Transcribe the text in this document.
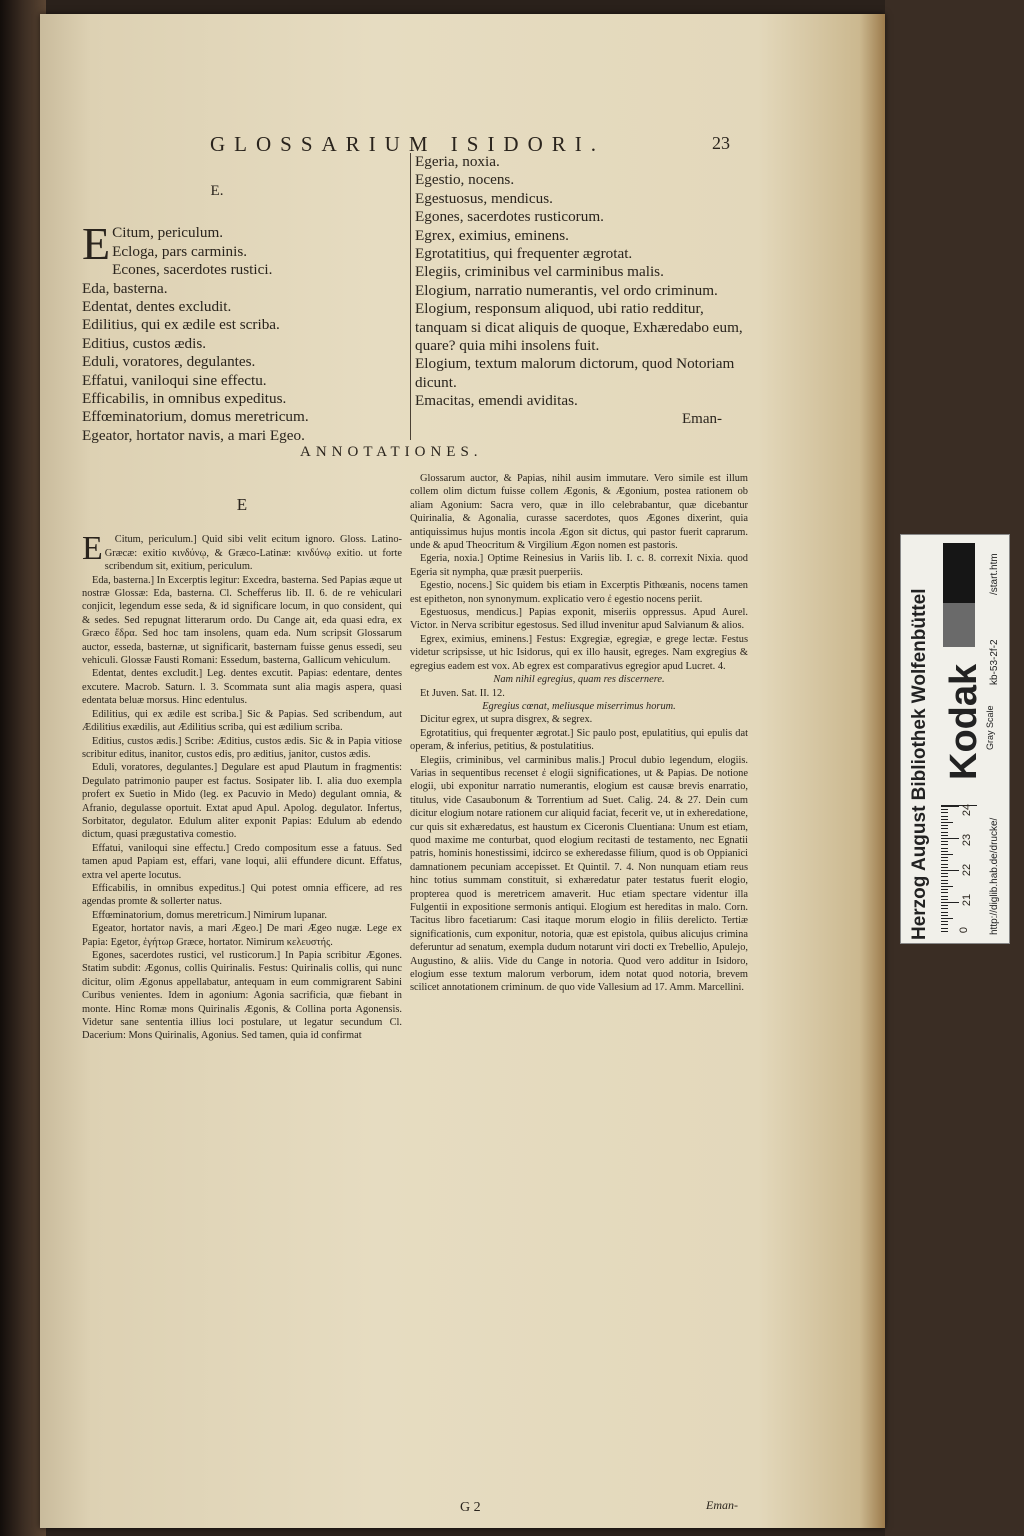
GLOSSARIUM ISIDORI.	23
E.
E Citum, periculum.
Ecloga, pars carminis.
Econes, sacerdotes rustici.
Eda, basterna.
Edentat, dentes excludit.
Edilitius, qui ex ædile est scriba.
Editius, custos ædis.
Eduli, voratores, degulantes.
Effatui, vaniloqui sine effectu.
Efficabilis, in omnibus expeditus.
Effœminatorium, domus meretricum.
Egeator, hortator navis, a mari Egeo.
Egeria, noxia.
Egestio, nocens.
Egestuosus, mendicus.
Egones, sacerdotes rusticorum.
Egrex, eximius, eminens.
Egrotatitius, qui frequenter ægrotat.
Elegiis, criminibus vel carminibus malis.
Elogium, narratio numerantis, vel ordo criminum.
Elogium, responsum aliquod, ubi ratio redditur, tanquam si dicat aliquis de quoque, Exhæredabo eum, quare? quia mihi insolens fuit.
Elogium, textum malorum dictorum, quod Notoriam dicunt.
Emacitas, emendi aviditas.
Eman-
ANNOTATIONES.

E

E	Citum, periculum.] Quid sibi velit ecitum ignoro. Gloss. Latino-Græcæ: exitio κινδύνῳ, & Græco-Latinæ: κινδύνῳ exitio. ut forte scribendum sit, exitium, periculum.

Eda, basterna.] In Excerptis legitur: Excedra, basterna. Sed Papias æque ut nostræ Glossæ: Eda, basterna. Cl. Schefferus lib. II. 6. de re vehiculari conjicit, legendum esse seda, & id significare locum, in quo consident, qui & sedes. Sed repugnat litterarum ordo. Du Cange ait, eda quasi edra, ex Græco ἕδρα. Sed hoc tam insolens, quam eda. Num scripsit Glossarum auctor, esseda, basternæ, ut significarit, basternam fuisse genus essedi, seu vehiculi. Glossæ Fausti Romani: Essedum, basterna, Gallicum vehiculum.

Edentat, dentes excludit.] Leg. dentes excutit. Papias: edentare, dentes excutere. Macrob. Saturn. l. 3. Scommata sunt alia magis aspera, quasi edentata beluæ morsus. Hinc edentulus.

Edilitius, qui ex ædile est scriba.] Sic & Papias. Sed scribendum, aut Ædilitius exædilis, aut Ædilitius scriba, qui est ædilium scriba.

Editius, custos ædis.] Scribe: Æditius, custos ædis. Sic & in Papia vitiose scribitur editus, inanitor, custos edis, pro æditius, janitor, custos ædis.

Eduli, voratores, degulantes.] Degulare est apud Plautum in fragmentis: Degulato patrimonio pauper est factus. Sosipater lib. I. alia duo exempla profert ex Suetio in Mido (leg. ex Pacuvio in Medo) degulant omnia, & Afranio, degulasse oportuit. Extat apud Apul. Apolog. degulator. Infertus, Sorbitator, degulator. Edulum aliter exponit Papias: Edulum ab edendo dictum, quasi prægustativa comestio.

Effatui, vaniloqui sine effectu.] Credo compositum esse a fatuus. Sed tamen apud Papiam est, effari, vane loqui, alii effundere dicunt. Effatus, extra vel aperte locutus.

Efficabilis, in omnibus expeditus.] Qui potest omnia efficere, ad res agendas promte & sollerter natus.

Effœminatorium, domus meretricum.] Nimirum lupanar.

Egeator, hortator navis, a mari Ægeo.] De mari Ægeo nugæ. Lege ex Papia: Egetor, ἐγήτωρ Græce, hortator. Nimirum κελευστής.

Egones, sacerdotes rustici, vel rusticorum.] In Papia scribitur Ægones. Statim subdit: Ægonus, collis Quirinalis. Festus: Quirinalis collis, qui nunc dicitur, olim Ægonus appellabatur, antequam in eum commigrarent Sabini Curibus venientes. Idem in agonium: Agonia sacrificia, quæ fiebant in monte. Hinc Romæ mons Quirinalis Ægonis, & Collina porta Agonensis. Videtur sane sententia illius loci postulare, ut legatur secundum Cl. Dacerium: Mons Quirinalis, Agonius. Sed tamen, quia id confirmat

Glossarum auctor, & Papias, nihil ausim immutare. Vero simile est illum collem olim dictum fuisse collem Ægonis, & Ægonium, postea rationem ob aliam Agonium: Sacra vero, quæ in illo celebrabantur, quæ dicebantur Quirinalia, & Agonalia, curasse sacerdotes, quos Ægones dixerint, quia antiquissimus hujus montis incola Ægon sit dictus, qui pastor fuerit caprarum. unde & apud Theocritum & Virgilium Ægon nomen est pastoris.

Egeria, noxia.] Optime Reinesius in Variis lib. I. c. 8. correxit Nixia. quod Egeria sit nympha, quæ præsit puerperiis.

Egestio, nocens.] Sic quidem bis etiam in Excerptis Pithœanis, nocens tamen est epitheton, non synonymum. explicatio vero ἐ egestio nocens periit.

Egestuosus, mendicus.] Papias exponit, miseriis oppressus. Apud Aurel. Victor. in Nerva scribitur egestosus. Sed illud invenitur apud Salvianum & alios.

Egrex, eximius, eminens.] Festus: Exgregiæ, egregiæ, e grege lectæ. Festus videtur scripsisse, ut hic Isidorus, qui ex illo hausit, egreges. Nam exgregius & egregius eadem est vox. Ab egrex est comparativus egregior apud Lucret. 4.

Nam nihil egregius, quam res discernere.

Et Juven. Sat. II. 12.

Egregius cœnat, meliusque miserrimus horum.

Dicitur egrex, ut supra disgrex, & segrex.

Egrotatitius, qui frequenter ægrotat.] Sic paulo post, epulatitius, qui epulis dat operam, & inferius, petitius, & postulatitius.

Elegiis, criminibus, vel carminibus malis.] Procul dubio legendum, elogiis. Varias in sequentibus recenset ἐ elogii significationes, ut & Papias. De notione elogii, ubi exponitur narratio numerantis, elogium est causæ brevis enarratio, titulus, vide Casaubonum & Torrentium ad Suet. Calig. 24. & 27. Dein cum dicitur elogium notare rationem cur aliquid faciat, fecerit ve, ut in exheredatione, cur quis sit exhæredatus, est haustum ex Ciceronis Cluentiana: Unum est etiam, quod maxime me conturbat, quod elogium recitasti de testamento, nec Egnatii patris, hominis honestissimi, idcirco se exheredasse filium, quod is ob Oppianici damnationem pecuniam accepisset. Et Quintil. 7. 4. Non nunquam etiam reus hinc totius summam constituit, si exhæredatur pater testatus fuerit elogio, propterea quod is meretricem amaverit. Huc etiam spectare videntur illa Fulgentii in expositione sermonis antiqui. Elogium est hereditas in malo. Corn. Tacitus libro facetiarum: Casi itaque morum elogio in filiis derelicto. Tertiæ significationis, cum exponitur, notoria, quæ est epistola, quibus alicujus crimina deferuntur ad senatum, exempla dudum notarunt viri docti ex Trebellio, Apulejo, Augustino, & aliis. Vide du Cange in notoria. Quod vero additur in Isidoro, elogium esse textum malorum verborum, idem notat quod notoria, brevem scilicet annotationem criminum. de quo vide Vallesium ad 17. Amm. Marcellini.

G 2	Eman-
Herzog August Bibliothek Wolfenbüttel Kodak Gray Scale
http://diglib.hab.de/drucke/
kb-53-2f-2
/start.htm
0
21
22
23
24
